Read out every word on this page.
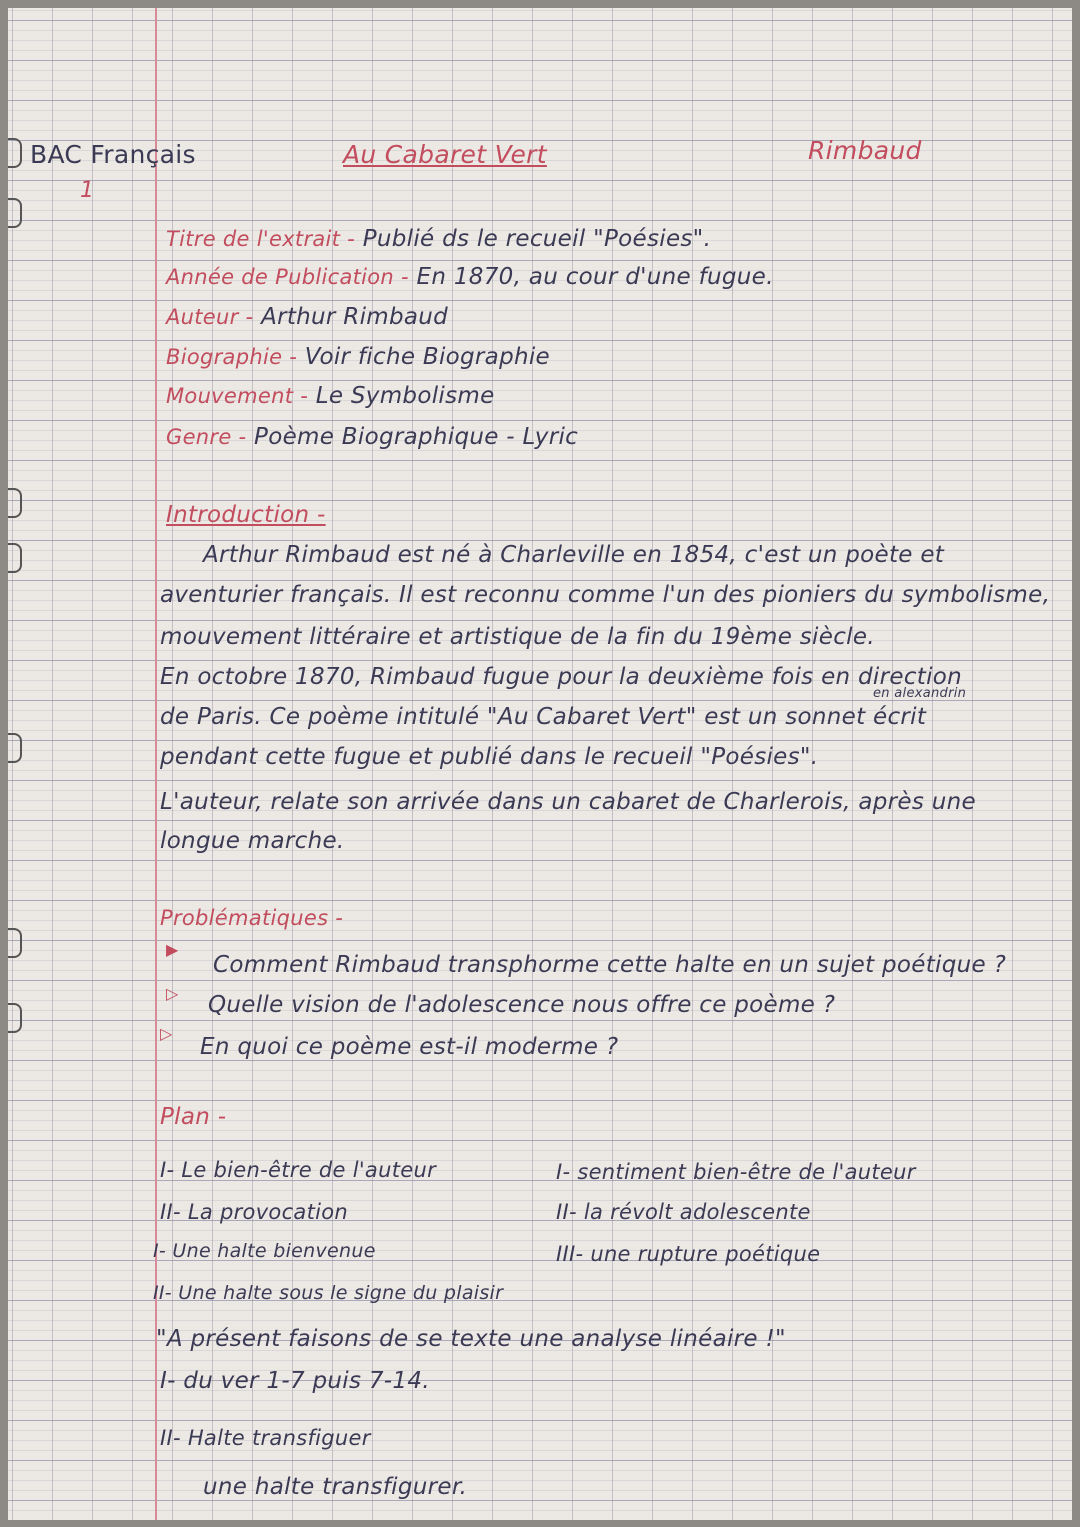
BAC Français
1
Au Cabaret Vert	Rimbaud
Titre de l'extrait - Publié ds le recueil "Poésies".
Année de Publication - En 1870, au cour d'une fugue.
Auteur - Arthur Rimbaud
Biographie - Voir fiche Biographie
Mouvement - Le Symbolisme
Genre - Poème Biographique - Lyric
Introduction -
Arthur Rimbaud est né à Charleville en 1854, c'est un poète et
aventurier français. Il est reconnu comme l'un des pioniers du symbolisme,
mouvement littéraire et artistique de la fin du 19ème siècle.
En octobre 1870, Rimbaud fugue pour la deuxième fois en direction
en alexandrin
de Paris. Ce poème intitulé "Au Cabaret Vert" est un sonnet écrit
pendant cette fugue et publié dans le recueil "Poésies".
L'auteur, relate son arrivée dans un cabaret de Charlerois, après une
longue marche.
Problématiques -
▶
Comment Rimbaud transphorme cette halte en un sujet poétique ?
▷ Quelle vision de l'adolescence nous offre ce poème ?
▷
En quoi ce poème est-il moderme ?
Plan -
I- Le bien-être de l'auteur
II- La provocation
I- Une halte bienvenue
II- Une halte sous le signe du plaisir
I- sentiment bien-être de l'auteur
II- la révolt adolescente
III- une rupture poétique
"A présent faisons de se texte une analyse linéaire !"
I- du ver 1-7 puis 7-14.
II- Halte transfiguer
une halte transfigurer.
